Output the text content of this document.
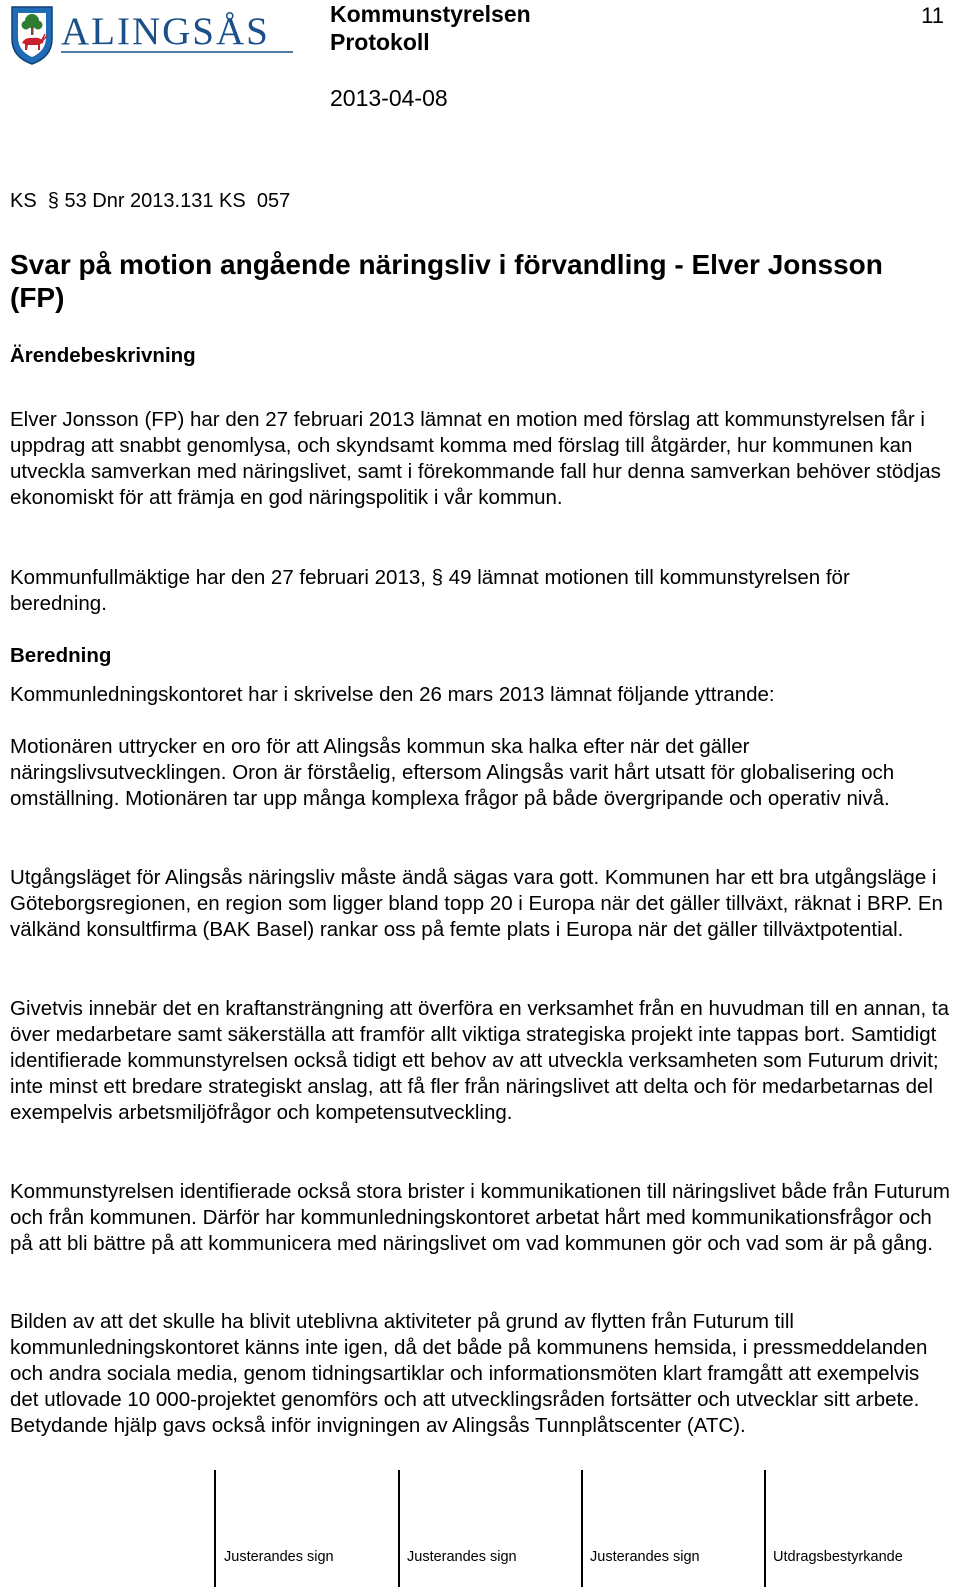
ALINGSÅS	Kommunstyrelsen
Protokoll
11
2013-04-08
KS  § 53 Dnr 2013.131 KS  057
Svar på motion angående näringsliv i förvandling - Elver Jonsson (FP)
Ärendebeskrivning

Elver Jonsson (FP) har den 27 februari 2013 lämnat en motion med förslag att kommunstyrelsen får i uppdrag att snabbt genomlysa, och skyndsamt komma med förslag till åtgärder, hur kommunen kan utveckla samverkan med näringslivet, samt i förekommande fall hur denna samverkan behöver stödjas ekonomiskt för att främja en god näringspolitik i vår kommun.

Kommunfullmäktige har den 27 februari 2013, § 49 lämnat motionen till kommunstyrelsen för beredning.

Beredning

Kommunledningskontoret har i skrivelse den 26 mars 2013 lämnat följande yttrande:

Motionären uttrycker en oro för att Alingsås kommun ska halka efter när det gäller näringslivsutvecklingen. Oron är förståelig, eftersom Alingsås varit hårt utsatt för globalisering och omställning. Motionären tar upp många komplexa frågor på både övergripande och operativ nivå.

Utgångsläget för Alingsås näringsliv måste ändå sägas vara gott. Kommunen har ett bra utgångsläge i Göteborgsregionen, en region som ligger bland topp 20 i Europa när det gäller tillväxt, räknat i BRP. En välkänd konsultfirma (BAK Basel) rankar oss på femte plats i Europa när det gäller tillväxtpotential.

Givetvis innebär det en kraftansträngning att överföra en verksamhet från en huvudman till en annan, ta över medarbetare samt säkerställa att framför allt viktiga strategiska projekt inte tappas bort. Samtidigt identifierade kommunstyrelsen också tidigt ett behov av att utveckla verksamheten som Futurum drivit; inte minst ett bredare strategiskt anslag, att få fler från näringslivet att delta och för medarbetarnas del exempelvis arbetsmiljöfrågor och kompetensutveckling.

Kommunstyrelsen identifierade också stora brister i kommunikationen till näringslivet både från Futurum och från kommunen. Därför har kommunledningskontoret arbetat hårt med kommunikationsfrågor och på att bli bättre på att kommunicera med näringslivet om vad kommunen gör och vad som är på gång.

Bilden av att det skulle ha blivit uteblivna aktiviteter på grund av flytten från Futurum till kommunledningskontoret känns inte igen, då det både på kommunens hemsida, i pressmeddelanden och andra sociala media, genom tidningsartiklar och informationsmöten klart framgått att exempelvis det utlovade 10 000-projektet genomförs och att utvecklingsråden fortsätter och utvecklar sitt arbete. Betydande hjälp gavs också inför invigningen av Alingsås Tunnplåtscenter (ATC).

Justerandes sign	Justerandes sign	Justerandes sign	Utdragsbestyrkande
